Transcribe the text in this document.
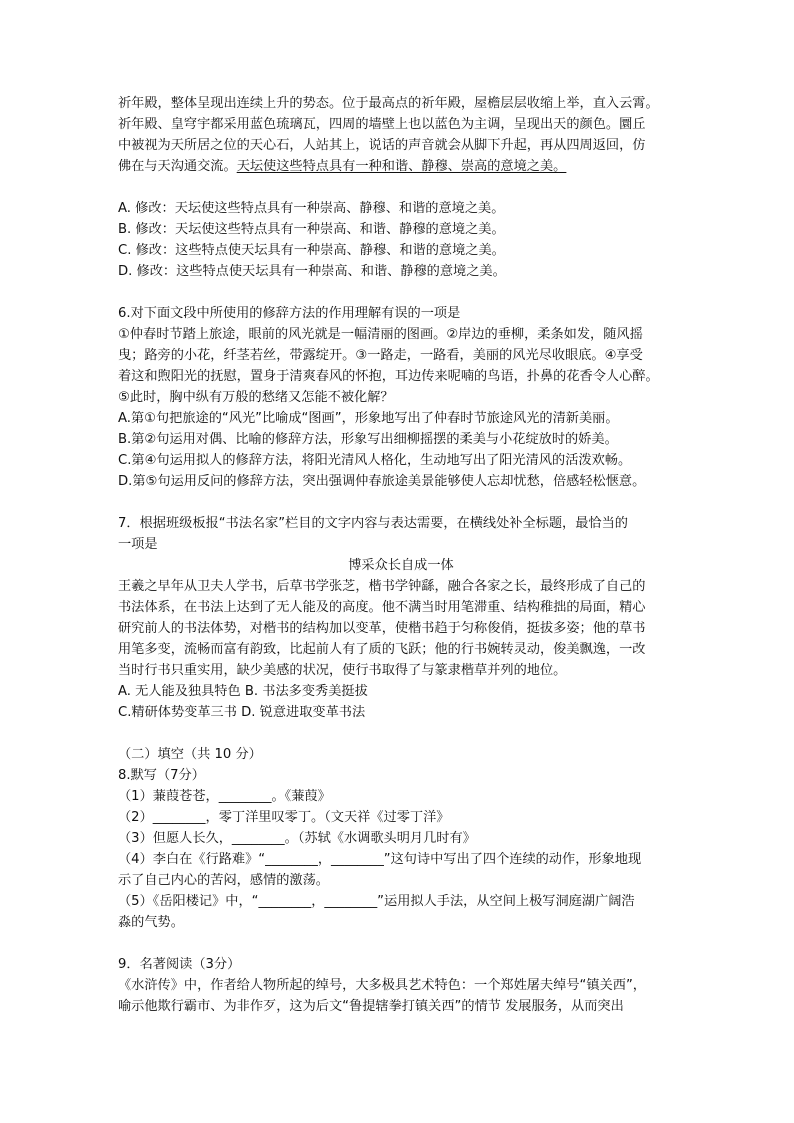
祈年殿，整体呈现出连续上升的势态。位于最高点的祈年殿，屋檐层层收缩上举，直入云霄。
祈年殿、皇穹宇都采用蓝色琉璃瓦，四周的墙壁上也以蓝色为主调，呈现出天的颜色。圜丘
中被视为天所居之位的天心石，人站其上，说话的声音就会从脚下升起，再从四周返回，仿
佛在与天沟通交流。天坛使这些特点具有一种和谐、静穆、崇高的意境之美。
A. 修改：天坛使这些特点具有一种崇高、静穆、和谐的意境之美。
B. 修改：天坛使这些特点具有一种崇高、和谐、静穆的意境之美。
C. 修改：这些特点使天坛具有一种崇高、静穆、和谐的意境之美。
D. 修改：这些特点使天坛具有一种崇高、和谐、静穆的意境之美。
6.对下面文段中所使用的修辞方法的作用理解有误的一项是
①仲春时节踏上旅途，眼前的风光就是一幅清丽的图画。②岸边的垂柳，柔条如发，随风摇
曳；路旁的小花，纤茎若丝，带露绽开。③一路走，一路看，美丽的风光尽收眼底。④享受
着这和煦阳光的抚慰，置身于清爽春风的怀抱，耳边传来呢喃的鸟语，扑鼻的花香令人心醉。
⑤此时，胸中纵有万般的愁绪又怎能不被化解？
A.第①句把旅途的“风光”比喻成“图画”，形象地写出了仲春时节旅途风光的清新美丽。
B.第②句运用对偶、比喻的修辞方法，形象写出细柳摇摆的柔美与小花绽放时的娇美。
C.第④句运用拟人的修辞方法，将阳光清风人格化，生动地写出了阳光清风的活泼欢畅。
D.第⑤句运用反问的修辞方法，突出强调仲春旅途美景能够使人忘却忧愁，倍感轻松惬意。
7．根据班级板报“书法名家”栏目的文字内容与表达需要，在横线处补全标题，最恰当的
一项是
博采众长自成一体
王羲之早年从卫夫人学书，后草书学张芝，楷书学钟繇，融合各家之长，最终形成了自己的
书法体系，在书法上达到了无人能及的高度。他不满当时用笔滞重、结构稚拙的局面，精心
研究前人的书法体势，对楷书的结构加以变革，使楷书趋于匀称俊俏，挺拔多姿；他的草书
用笔多变，流畅而富有韵致，比起前人有了质的飞跃；他的行书婉转灵动，俊美飘逸，一改
当时行书只重实用，缺少美感的状况，使行书取得了与篆隶楷草并列的地位。
A. 无人能及独具特色 B. 书法多变秀美挺拔
C.精研体势变革三书 D. 锐意进取变革书法
（二）填空（共 10 分）
8.默写（7分）
（1）蒹葭苍苍，________。《蒹葭》
（2）________，零丁洋里叹零丁。（文天祥《过零丁洋》
（3）但愿人长久，________。（苏轼《水调歌头明月几时有》
（4）李白在《行路难》“________，________”这句诗中写出了四个连续的动作，形象地现
示了自己内心的苦闷，感情的激荡。
（5）《岳阳楼记》中，“________，________”运用拟人手法，从空间上极写洞庭湖广阔浩
淼的气势。
9．名著阅读（3分）
《水浒传》中，作者给人物所起的绰号，大多极具艺术特色：一个郑姓屠夫绰号“镇关西”，
喻示他欺行霸市、为非作歹，这为后文“鲁提辖拳打镇关西”的情节 发展服务，从而突出
